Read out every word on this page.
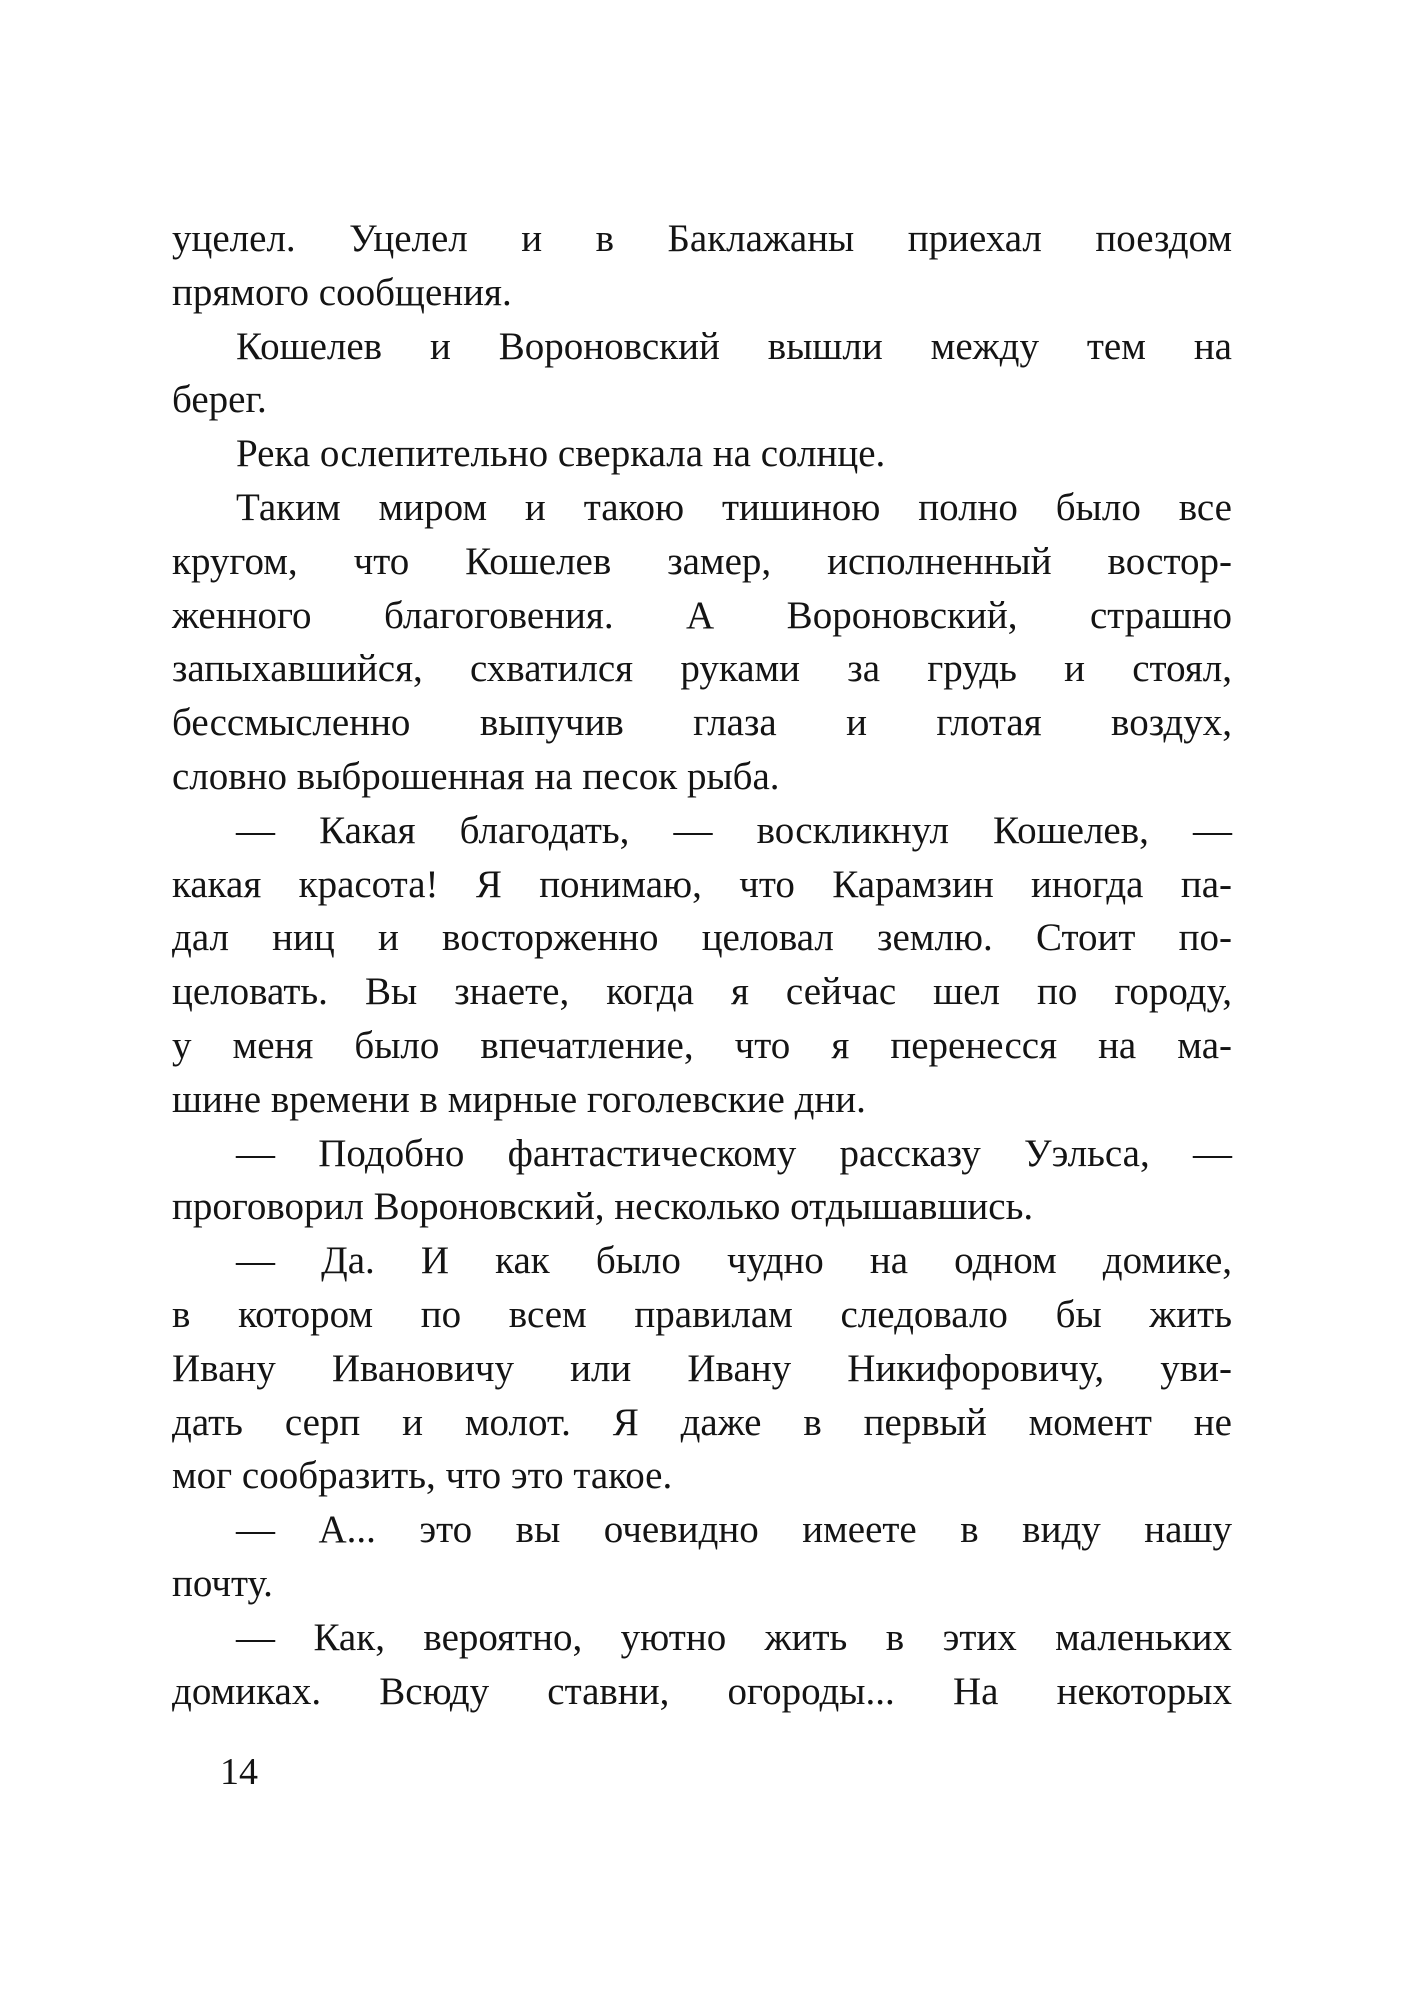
уцелел. Уцелел и в Баклажаны приехал поездом
прямого сообщения.
Кошелев и Вороновский вышли между тем на
берег.
Река ослепительно сверкала на солнце.
Таким миром и такою тишиною полно было все
кругом, что Кошелев замер, исполненный востор-
женного благоговения. А Вороновский, страшно
запыхавшийся, схватился руками за грудь и стоял,
бессмысленно выпучив глаза и глотая воздух,
словно выброшенная на песок рыба.
— Какая благодать, — воскликнул Кошелев, —
какая красота! Я понимаю, что Карамзин иногда па-
дал ниц и восторженно целовал землю. Стоит по-
целовать. Вы знаете, когда я сейчас шел по городу,
у меня было впечатление, что я перенесся на ма-
шине времени в мирные гоголевские дни.
— Подобно фантастическому рассказу Уэльса, —
проговорил Вороновский, несколько отдышавшись.
— Да. И как было чудно на одном домике,
в котором по всем правилам следовало бы жить
Ивану Ивановичу или Ивану Никифоровичу, уви-
дать серп и молот. Я даже в первый момент не
мог сообразить, что это такое.
— А... это вы очевидно имеете в виду нашу
почту.
— Как, вероятно, уютно жить в этих маленьких
домиках. Всюду ставни, огороды... На некоторых
14
